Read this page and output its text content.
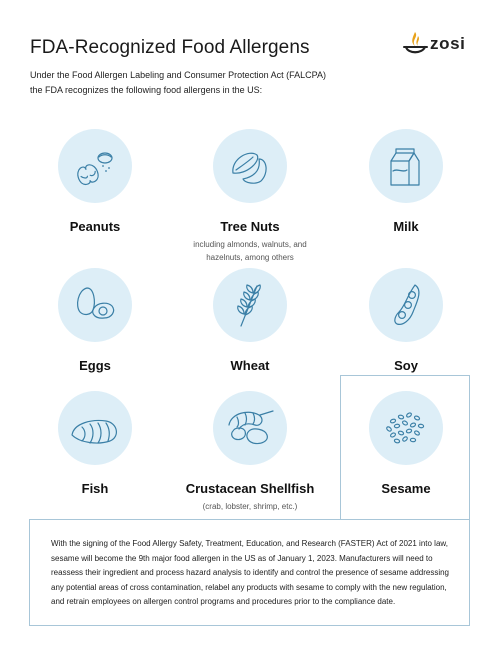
FDA-Recognized Food Allergens	zosi
Under the Food Allergen Labeling and Consumer Protection Act (FALCPA) the FDA recognizes the following food allergens in the US:
Peanuts	Tree Nuts
including almonds, walnuts, and hazelnuts, among others
Milk
Eggs	Wheat	Soy
Fish	Crustacean Shellfish
(crab, lobster, shrimp, etc.)
Sesame
With the signing of the Food Allergy Safety, Treatment, Education, and Research (FASTER) Act of 2021 into law, sesame will become the 9th major food allergen in the US as of January 1, 2023. Manufacturers will need to reassess their ingredient and process hazard analysis to identify and control the presence of sesame addressing any potential areas of cross contamination, relabel any products with sesame to comply with the new regulation, and retrain employees on allergen control programs and procedures prior to the compliance date.
